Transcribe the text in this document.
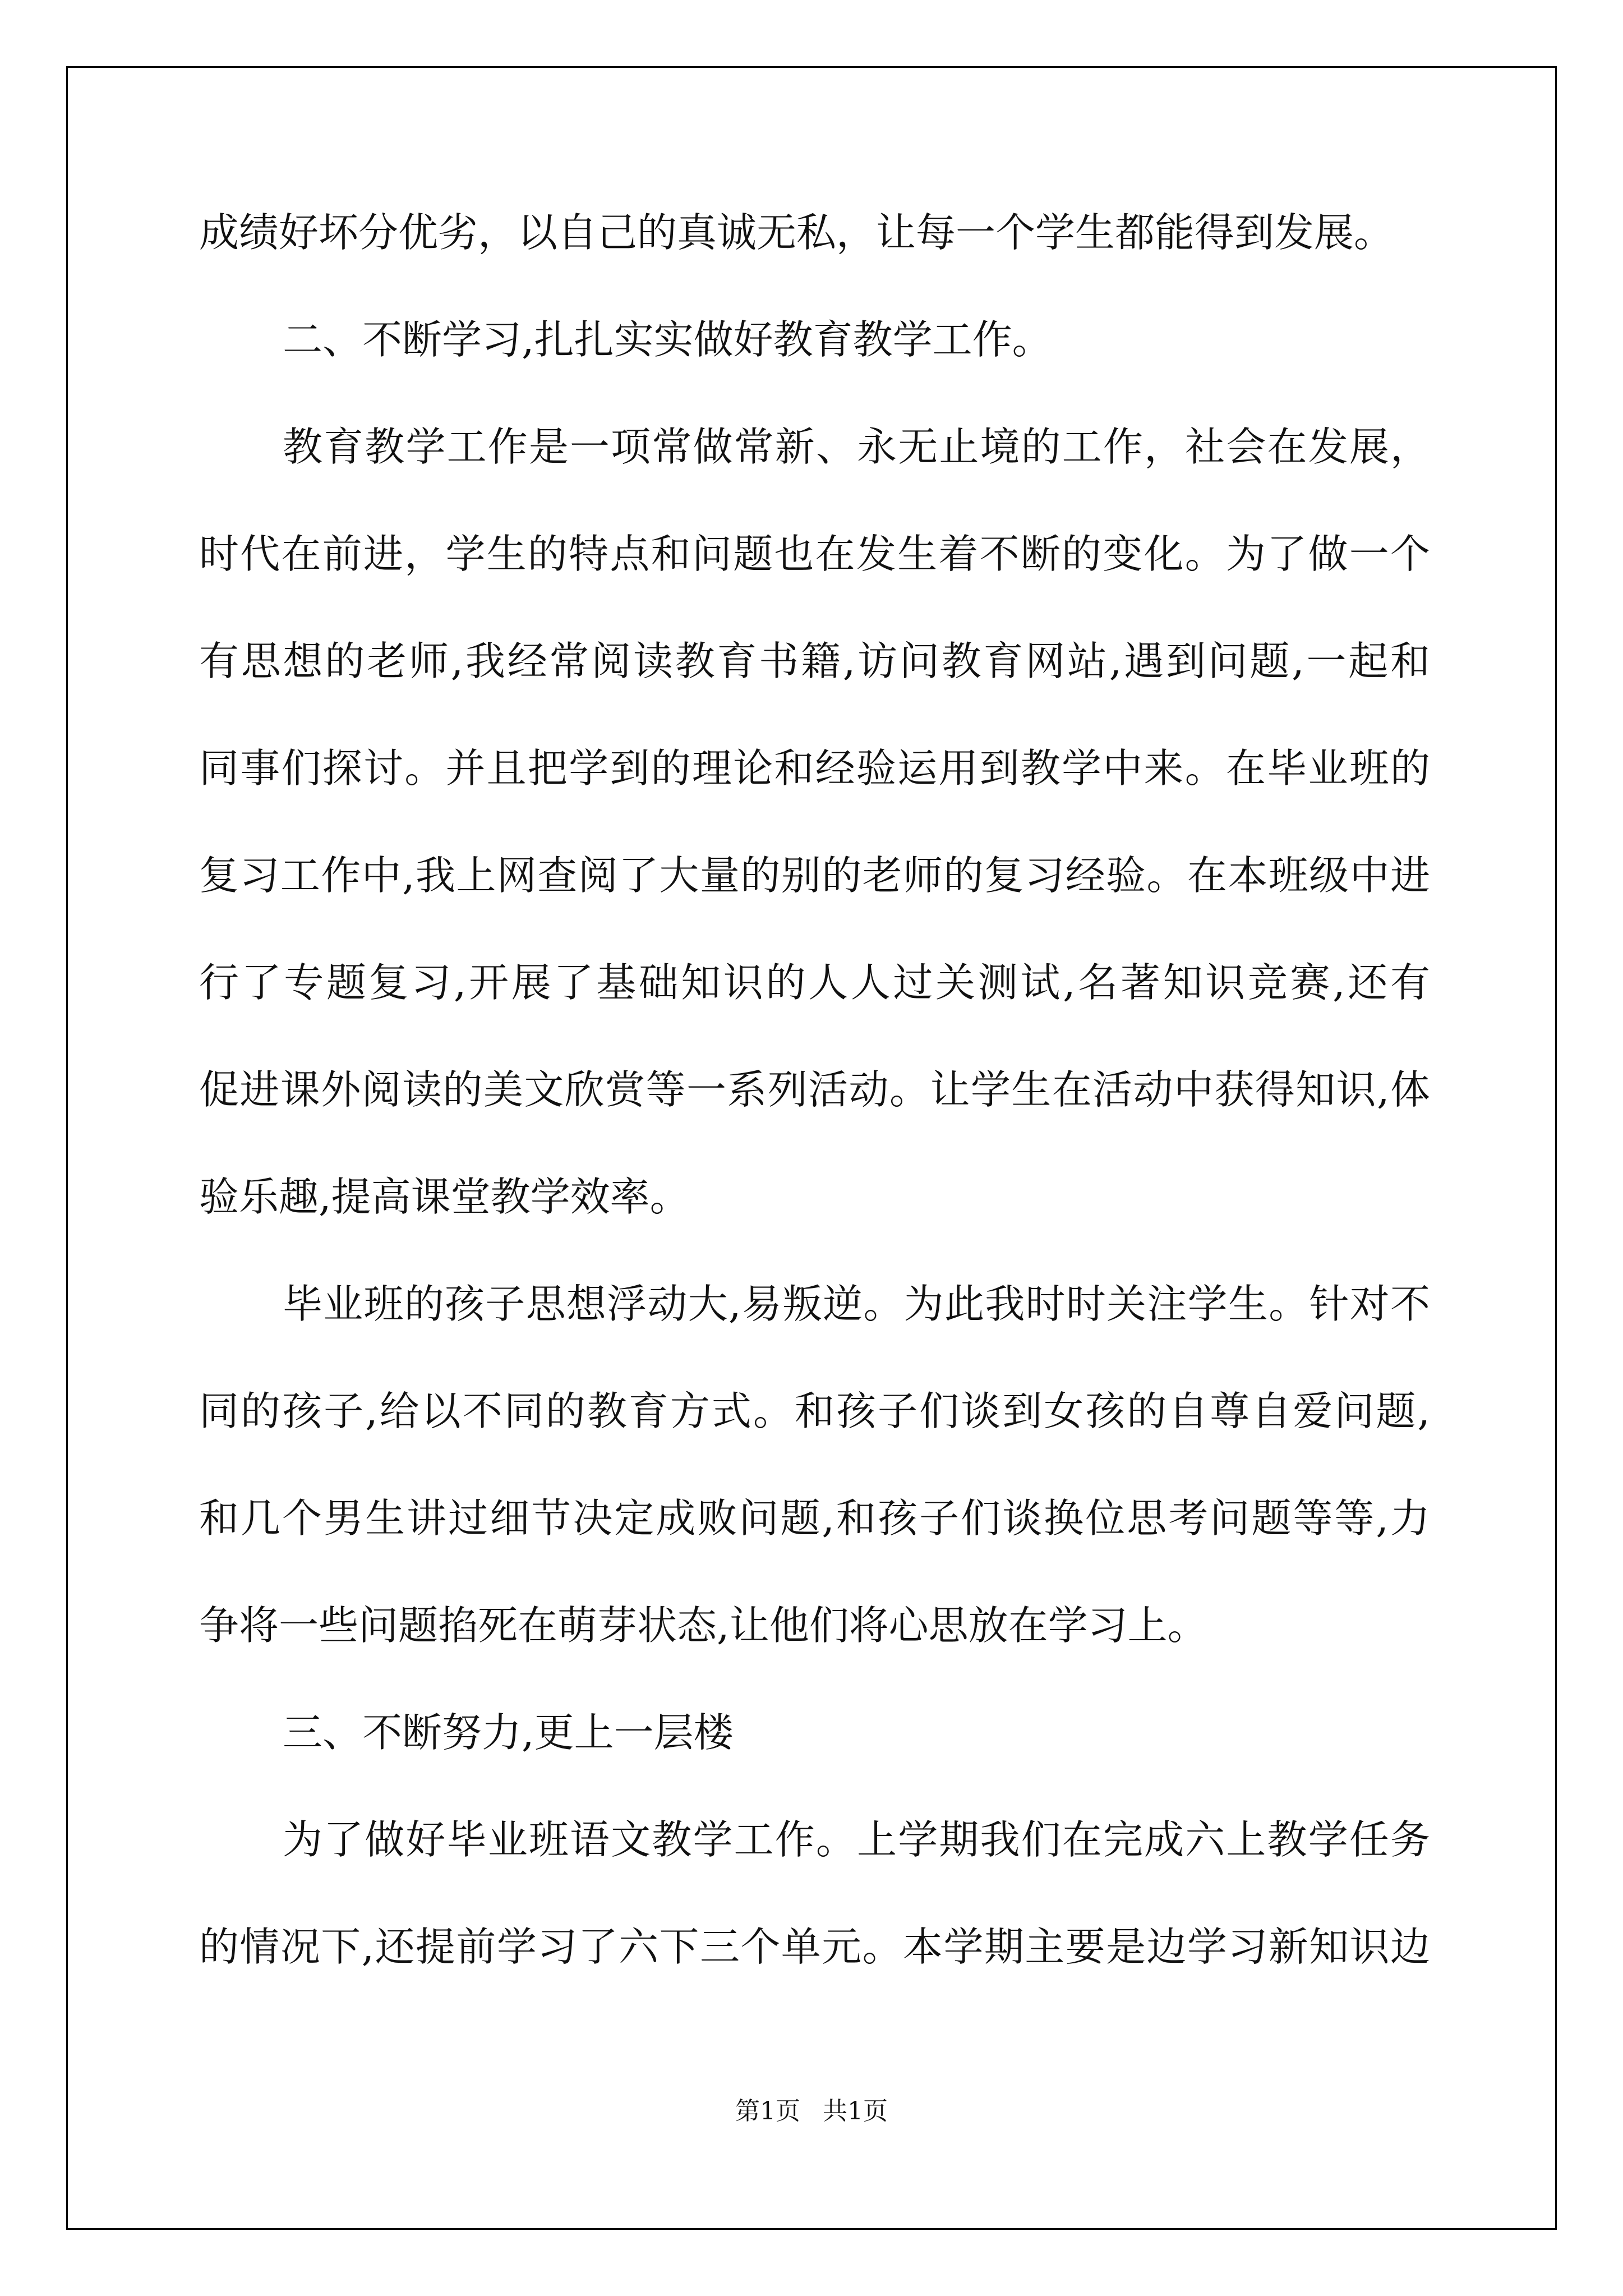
成绩好坏分优劣，以自己的真诚无私，让每一个学生都能得到发展。
二、不断学习,扎扎实实做好教育教学工作。
教育教学工作是一项常做常新、永无止境的工作，社会在发展，
时代在前进，学生的特点和问题也在发生着不断的变化。为了做一个
有思想的老师,我经常阅读教育书籍,访问教育网站,遇到问题,一起和
同事们探讨。并且把学到的理论和经验运用到教学中来。在毕业班的
复习工作中,我上网查阅了大量的别的老师的复习经验。在本班级中进
行了专题复习,开展了基础知识的人人过关测试,名著知识竞赛,还有
促进课外阅读的美文欣赏等一系列活动。让学生在活动中获得知识,体
验乐趣,提高课堂教学效率。
毕业班的孩子思想浮动大,易叛逆。为此我时时关注学生。针对不
同的孩子,给以不同的教育方式。和孩子们谈到女孩的自尊自爱问题,
和几个男生讲过细节决定成败问题,和孩子们谈换位思考问题等等,力
争将一些问题掐死在萌芽状态,让他们将心思放在学习上。
三、不断努力,更上一层楼
为了做好毕业班语文教学工作。上学期我们在完成六上教学任务
的情况下,还提前学习了六下三个单元。本学期主要是边学习新知识边
第1页 共1页
